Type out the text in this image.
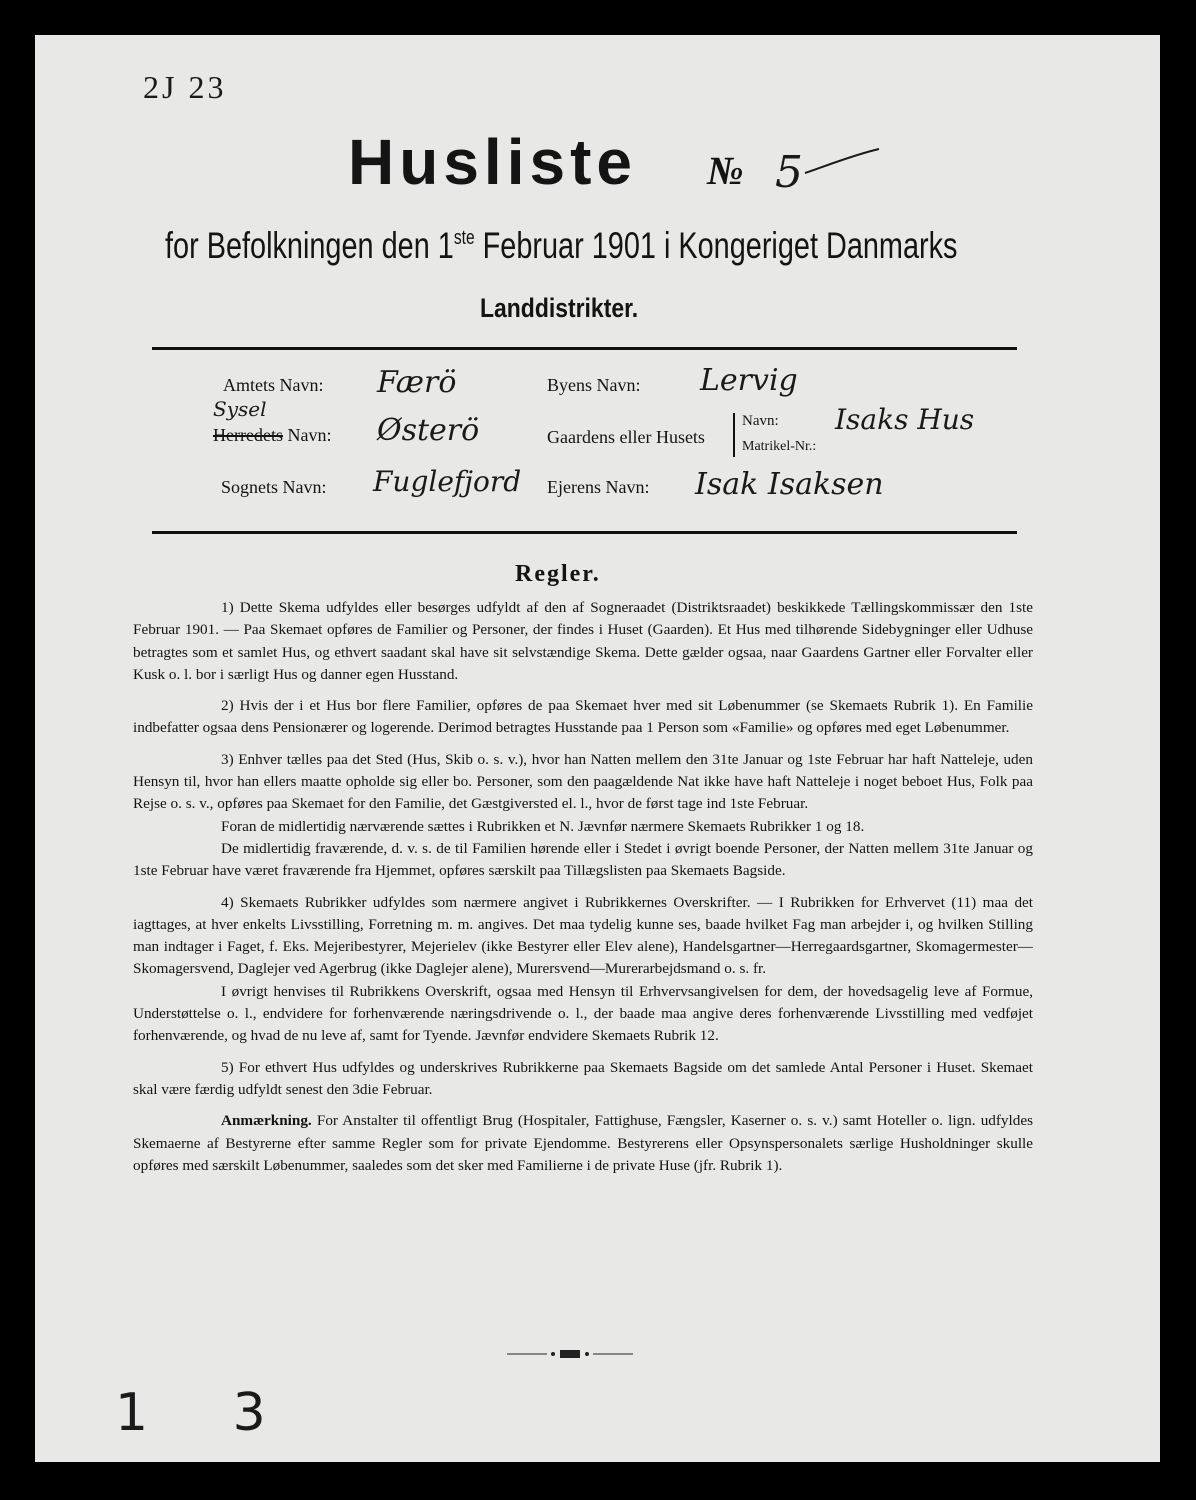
2J 23
Husliste № 5
for Befolkningen den 1ste Februar 1901 i Kongeriget Danmarks
Landdistrikter.
Amtets Navn: Færö	Byens Navn: Lervig
Sysel
Herredets Navn: Østerö	Gaardens eller Husets
Navn: Isaks Hus
Matrikel-Nr.:
Sognets Navn: Fuglefjord Ejerens Navn: Isak Isaksen
Regler.

1) Dette Skema udfyldes eller besørges udfyldt af den af Sogneraadet (Distriktsraadet) beskikkede Tællingskommissær den 1ste Februar 1901. — Paa Skemaet opføres de Familier og Personer, der findes i Huset (Gaarden). Et Hus med tilhørende Sidebygninger eller Udhuse betragtes som et samlet Hus, og ethvert saadant skal have sit selvstændige Skema. Dette gælder ogsaa, naar Gaardens Gartner eller Forvalter eller Kusk o. l. bor i særligt Hus og danner egen Husstand.

2) Hvis der i et Hus bor flere Familier, opføres de paa Skemaet hver med sit Løbenummer (se Skemaets Rubrik 1). En Familie indbefatter ogsaa dens Pensionærer og logerende. Derimod betragtes Husstande paa 1 Person som «Familie» og opføres med eget Løbenummer.

3) Enhver tælles paa det Sted (Hus, Skib o. s. v.), hvor han Natten mellem den 31te Januar og 1ste Februar har haft Natteleje, uden Hensyn til, hvor han ellers maatte opholde sig eller bo. Personer, som den paagældende Nat ikke have haft Natteleje i noget beboet Hus, Folk paa Rejse o. s. v., opføres paa Skemaet for den Familie, det Gæstgiversted el. l., hvor de først tage ind 1ste Februar.

Foran de midlertidig nærværende sættes i Rubrikken et N. Jævnfør nærmere Skemaets Rubrikker 1 og 18.

De midlertidig fraværende, d. v. s. de til Familien hørende eller i Stedet i øvrigt boende Personer, der Natten mellem 31te Januar og 1ste Februar have været fraværende fra Hjemmet, opføres særskilt paa Tillægslisten paa Skemaets Bagside.

4) Skemaets Rubrikker udfyldes som nærmere angivet i Rubrikkernes Overskrifter. — I Rubrikken for Erhvervet (11) maa det iagttages, at hver enkelts Livsstilling, Forretning m. m. angives. Det maa tydelig kunne ses, baade hvilket Fag man arbejder i, og hvilken Stilling man indtager i Faget, f. Eks. Mejeribestyrer, Mejerielev (ikke Bestyrer eller Elev alene), Handelsgartner—Herregaardsgartner, Skomagermester—Skomagersvend, Daglejer ved Agerbrug (ikke Daglejer alene), Murersvend—Murerarbejdsmand o. s. fr.

I øvrigt henvises til Rubrikkens Overskrift, ogsaa med Hensyn til Erhvervsangivelsen for dem, der hovedsagelig leve af Formue, Understøttelse o. l., endvidere for forhenværende næringsdrivende o. l., der baade maa angive deres forhenværende Livsstilling med vedføjet forhenværende, og hvad de nu leve af, samt for Tyende. Jævnfør endvidere Skemaets Rubrik 12.

5) For ethvert Hus udfyldes og underskrives Rubrikkerne paa Skemaets Bagside om det samlede Antal Personer i Huset. Skemaet skal være færdig udfyldt senest den 3die Februar.

Anmærkning. For Anstalter til offentligt Brug (Hospitaler, Fattighuse, Fængsler, Kaserner o. s. v.) samt Hoteller o. lign. udfyldes Skemaerne af Bestyrerne efter samme Regler som for private Ejendomme. Bestyrerens eller Opsynspersonalets særlige Husholdninger skulle opføres med særskilt Løbenummer, saaledes som det sker med Familierne i de private Huse (jfr. Rubrik 1).

1 3
